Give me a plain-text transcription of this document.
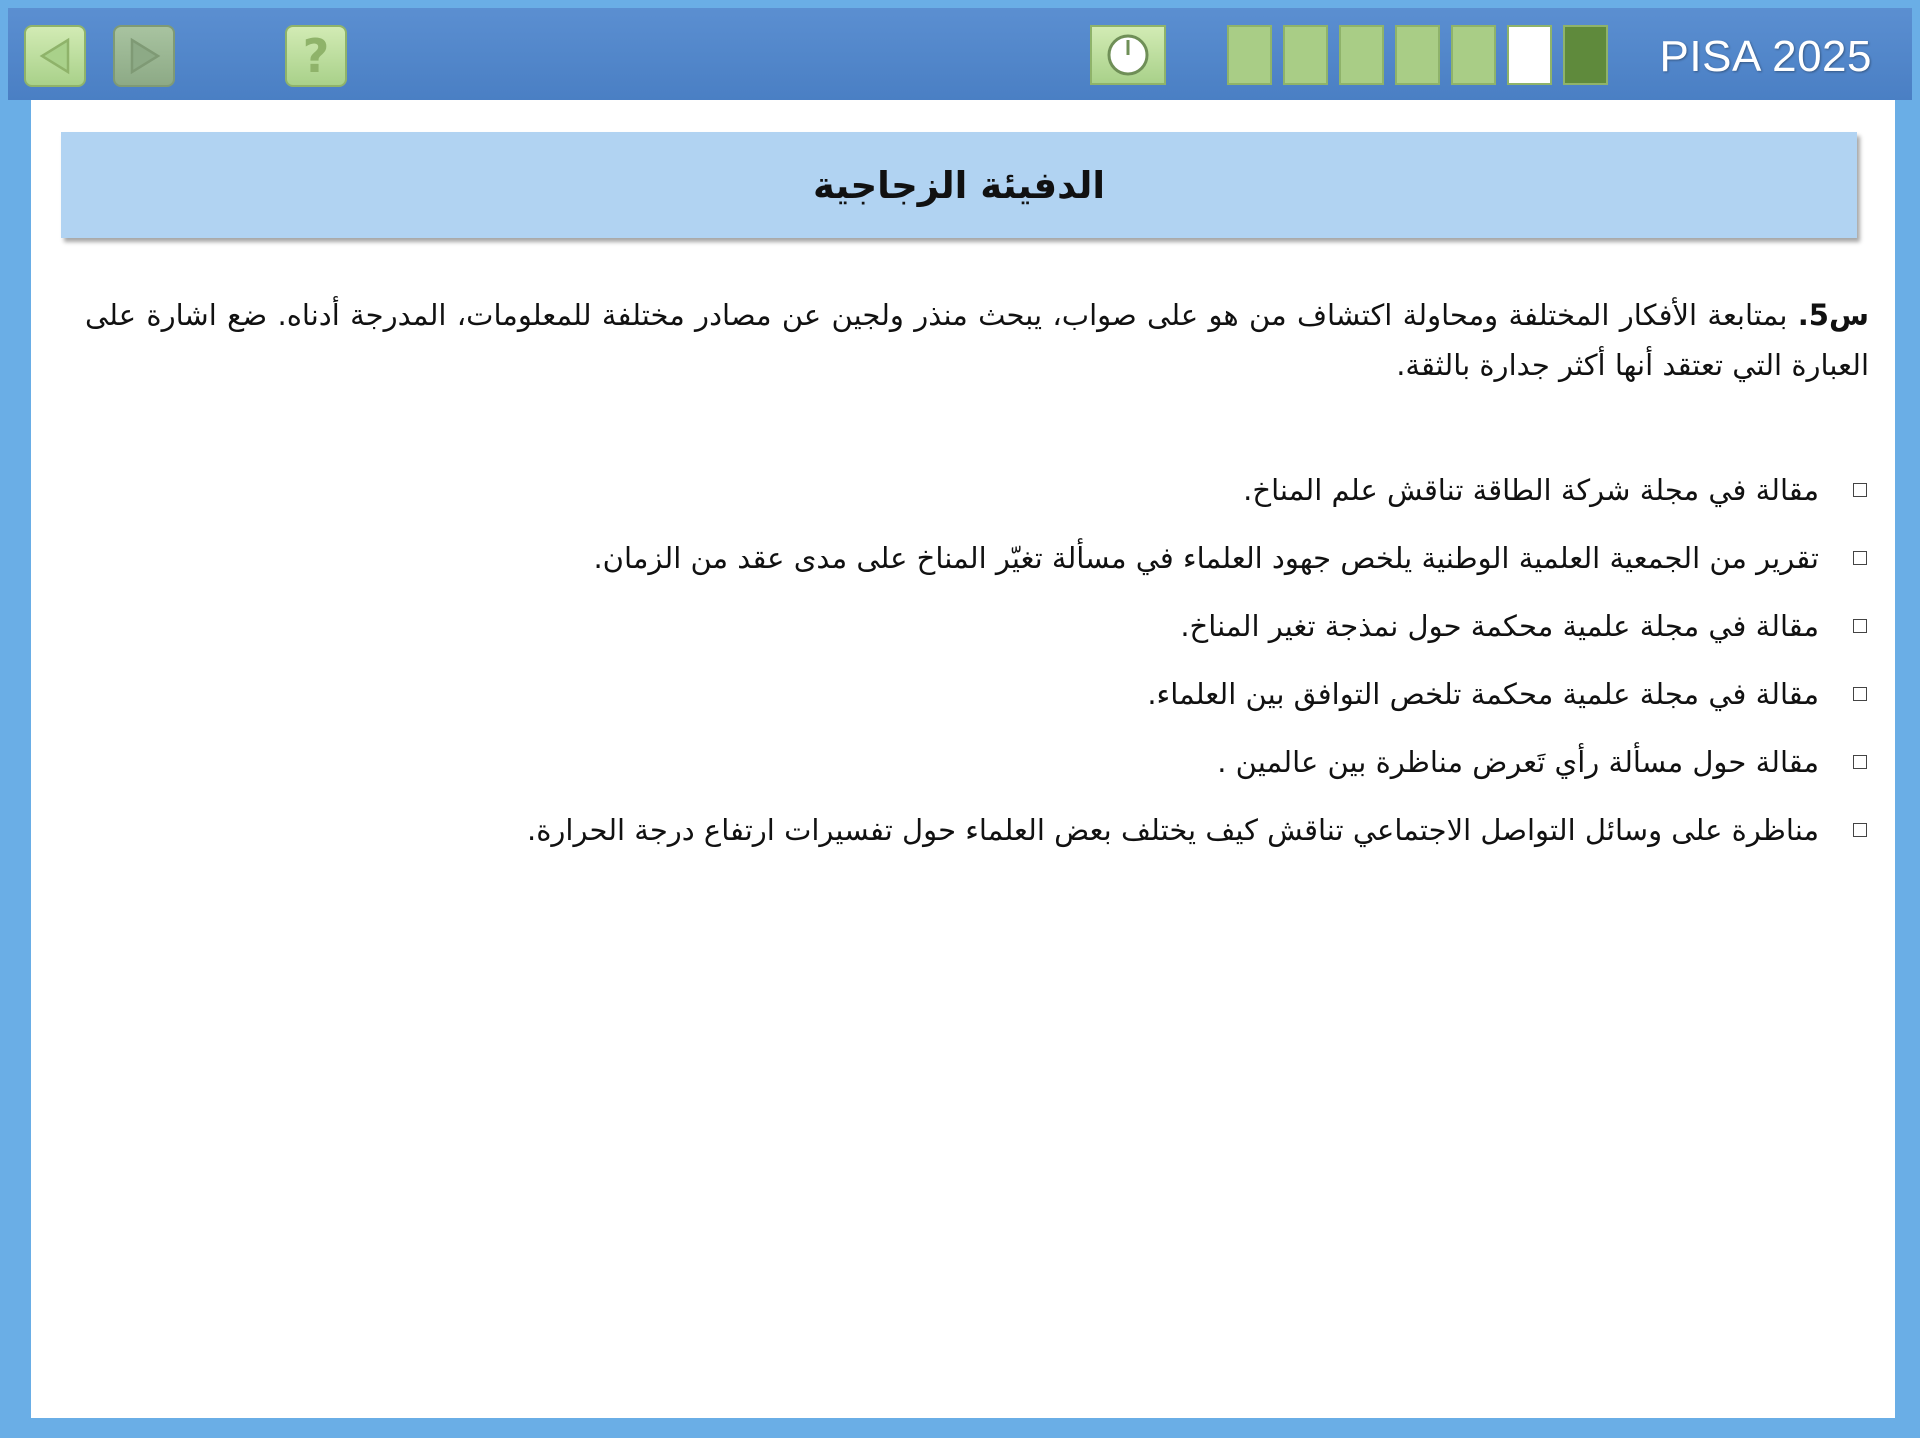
?	PISA 2025
الدفيئة الزجاجية
س5. بمتابعة الأفكار المختلفة ومحاولة اكتشاف من هو على صواب، يبحث منذر ولجين عن مصادر مختلفة للمعلومات، المدرجة أدناه. ضع اشارة على العبارة التي تعتقد أنها أكثر جدارة بالثقة.
مقالة في مجلة شركة الطاقة تناقش علم المناخ.
تقرير من الجمعية العلمية الوطنية يلخص جهود العلماء في مسألة تغيّر المناخ على مدى عقد من الزمان.
مقالة في مجلة علمية محكمة حول نمذجة تغير المناخ.
مقالة في مجلة علمية محكمة تلخص التوافق بين العلماء.
مقالة حول مسألة رأي تَعرض مناظرة بين عالمين .
مناظرة على وسائل التواصل الاجتماعي تناقش كيف يختلف بعض العلماء حول تفسيرات ارتفاع درجة الحرارة.
